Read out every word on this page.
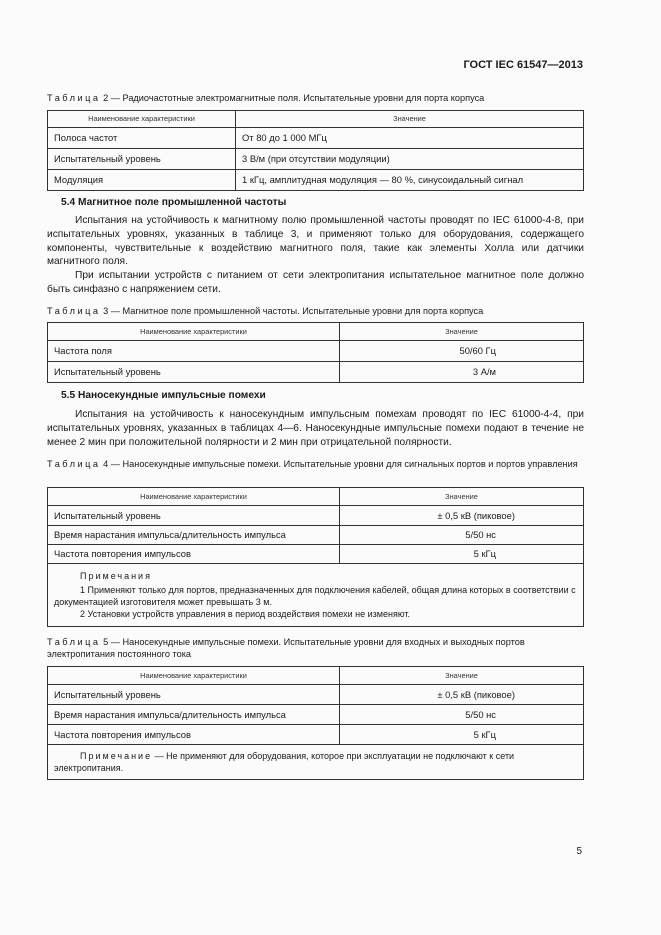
ГОСТ IEC 61547—2013
Таблица 2 — Радиочастотные электромагнитные поля. Испытательные уровни для порта корпуса
Наименование характеристики	Значение
Полоса частот	От 80 до 1 000 МГц
Испытательный уровень	3 В/м (при отсутствии модуляции)
Модуляция	1 кГц, амплитудная модуляция — 80 %, синусоидальный сигнал
5.4 Магнитное поле промышленной частоты

Испытания на устойчивость к магнитному полю промышленной частоты проводят по IEC 61000-4-8, при испытательных уровнях, указанных в таблице 3, и применяют только для оборудования, содержащего компоненты, чувствительные к воздействию магнитного поля, такие как элементы Холла или датчики магнитного поля.

При испытании устройств с питанием от сети электропитания испытательное магнитное поле должно быть синфазно с напряжением сети.

Таблица 3 — Магнитное поле промышленной частоты. Испытательные уровни для порта корпуса
Наименование характеристики	Значение
Частота поля	50/60 Гц
Испытательный уровень	3 А/м
5.5 Наносекундные импульсные помехи

Испытания на устойчивость к наносекундным импульсным помехам проводят по IEC 61000-4-4, при испытательных уровнях, указанных в таблицах 4—6. Наносекундные импульсные помехи подают в течение не менее 2 мин при положительной полярности и 2 мин при отрицательной полярности.

Таблица 4 — Наносекундные импульсные помехи. Испытательные уровни для сигнальных портов и портов управления
Наименование характеристики	Значение
Испытательный уровень	± 0,5 кВ (пиковое)
Время нарастания импульса/длительность импульса	5/50 нс
Частота повторения импульсов	5 кГц

Примечания
1 Применяют только для портов, предназначенных для подключения кабелей, общая длина которых в соответствии с документацией изготовителя может превышать 3 м.
2 Установки устройств управления в период воздействия помехи не изменяют.	
Таблица 5 — Наносекундные импульсные помехи. Испытательные уровни для входных и выходных портов электропитания постоянного тока
Наименование характеристики	Значение
Испытательный уровень	± 0,5 кВ (пиковое)
Время нарастания импульса/длительность импульса	5/50 нс
Частота повторения импульсов	5 кГц
Примечание — Не применяют для оборудования, которое при эксплуатации не подключают к сети электропитания.	
5
